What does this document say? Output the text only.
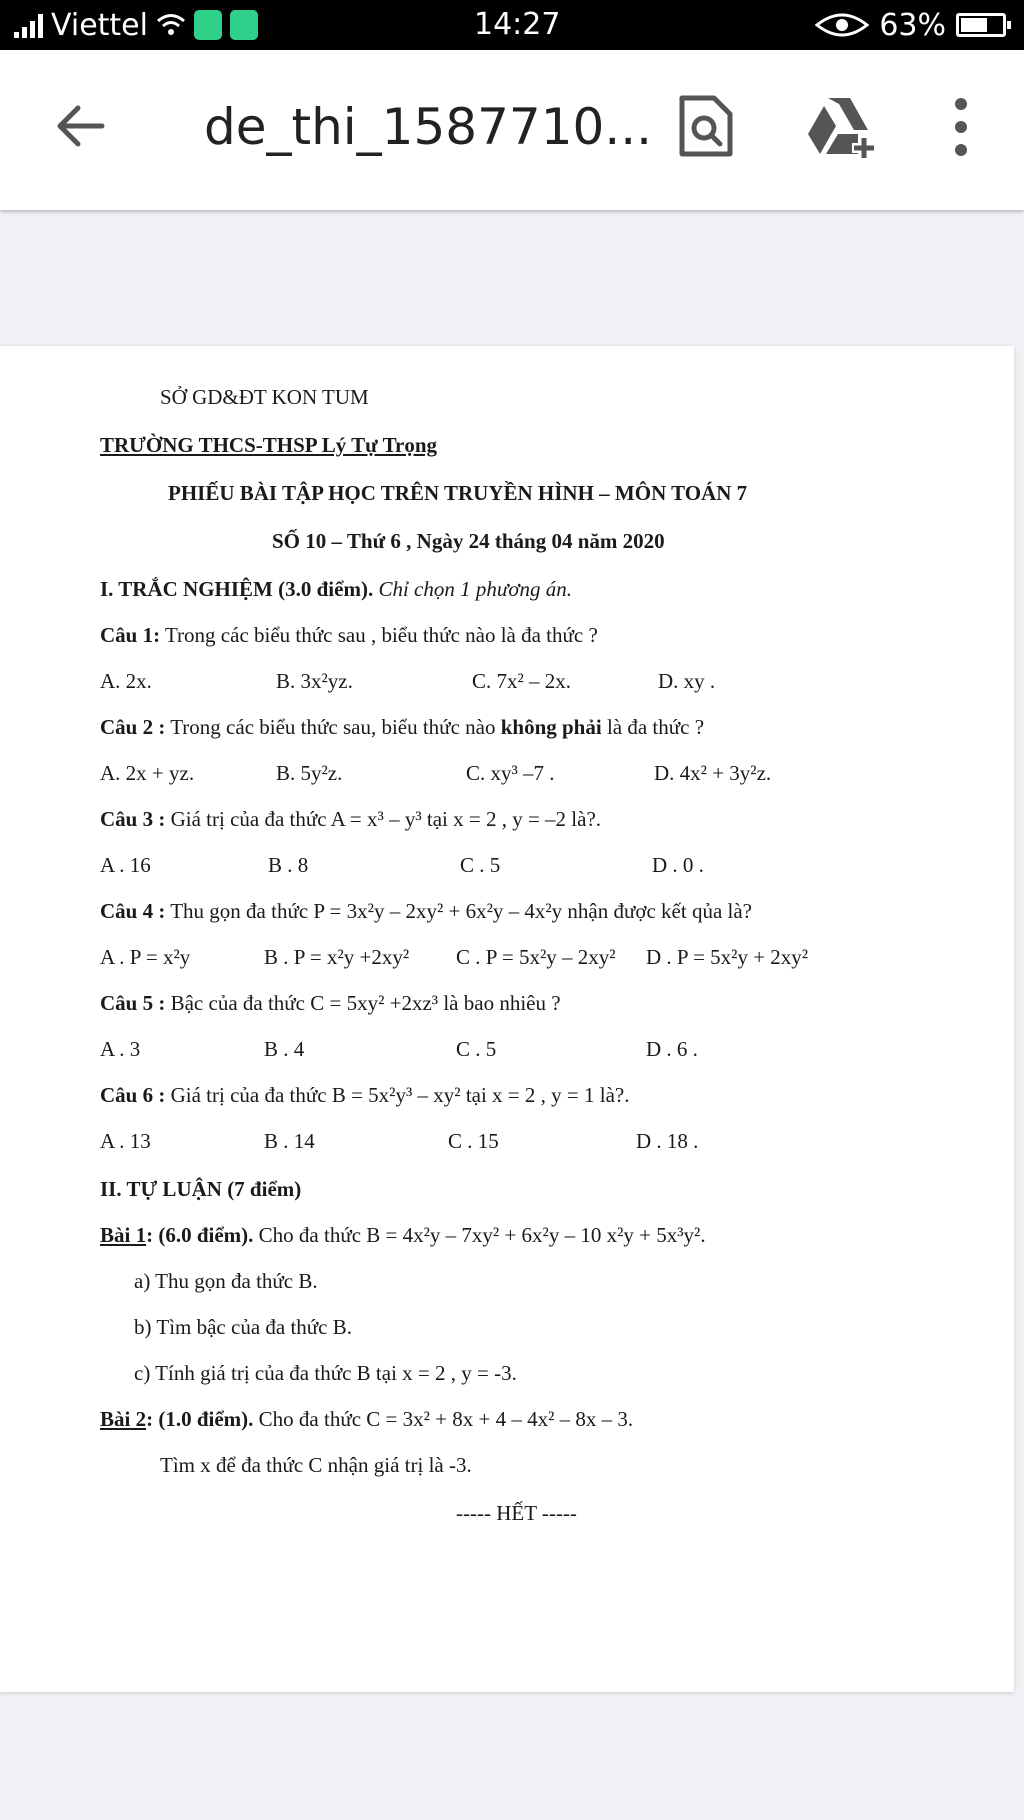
Viettel	14:27	63%
de_thi_1587710...
SỞ GD&ĐT KON TUM
TRƯỜNG THCS-THSP Lý Tự Trọng
PHIẾU BÀI TẬP HỌC TRÊN TRUYỀN HÌNH – MÔN TOÁN 7
SỐ 10 – Thứ 6 , Ngày 24 tháng 04 năm 2020
I. TRẮC NGHIỆM (3.0 điểm). Chỉ chọn 1 phương án.
Câu 1: Trong các biểu thức sau , biểu thức nào là đa thức ?
A. 2x.	B. 3x²yz.	C. 7x² – 2x.	D. xy .
Câu 2 : Trong các biểu thức sau, biểu thức nào không phải là đa thức ?
A. 2x + yz.	B. 5y²z.	C. xy³ –7 .	D. 4x² + 3y²z.
Câu 3 : Giá trị của đa thức A = x³ – y³ tại x = 2 , y = –2 là?.
A . 16	B . 8	C . 5	D . 0 .
Câu 4 : Thu gọn đa thức P = 3x²y – 2xy² + 6x²y – 4x²y nhận được kết qủa là?
A . P = x²y	B . P = x²y +2xy² C . P = 5x²y – 2xy² D . P = 5x²y + 2xy²
Câu 5 : Bậc của đa thức C = 5xy² +2xz³ là bao nhiêu ?
A . 3	B . 4	C . 5	D . 6 .
Câu 6 : Giá trị của đa thức B = 5x²y³ – xy² tại x = 2 , y = 1 là?.
A . 13	B . 14	C . 15	D . 18 .
II. TỰ LUẬN (7 điểm)
Bài 1: (6.0 điểm). Cho đa thức B = 4x²y – 7xy² + 6x²y – 10 x²y + 5x³y².
a) Thu gọn đa thức B.
b) Tìm bậc của đa thức B.
c) Tính giá trị của đa thức B tại x = 2 , y = -3.
Bài 2: (1.0 điểm). Cho đa thức C = 3x² + 8x + 4 – 4x² – 8x – 3.
Tìm x để đa thức C nhận giá trị là -3.
----- HẾT -----
